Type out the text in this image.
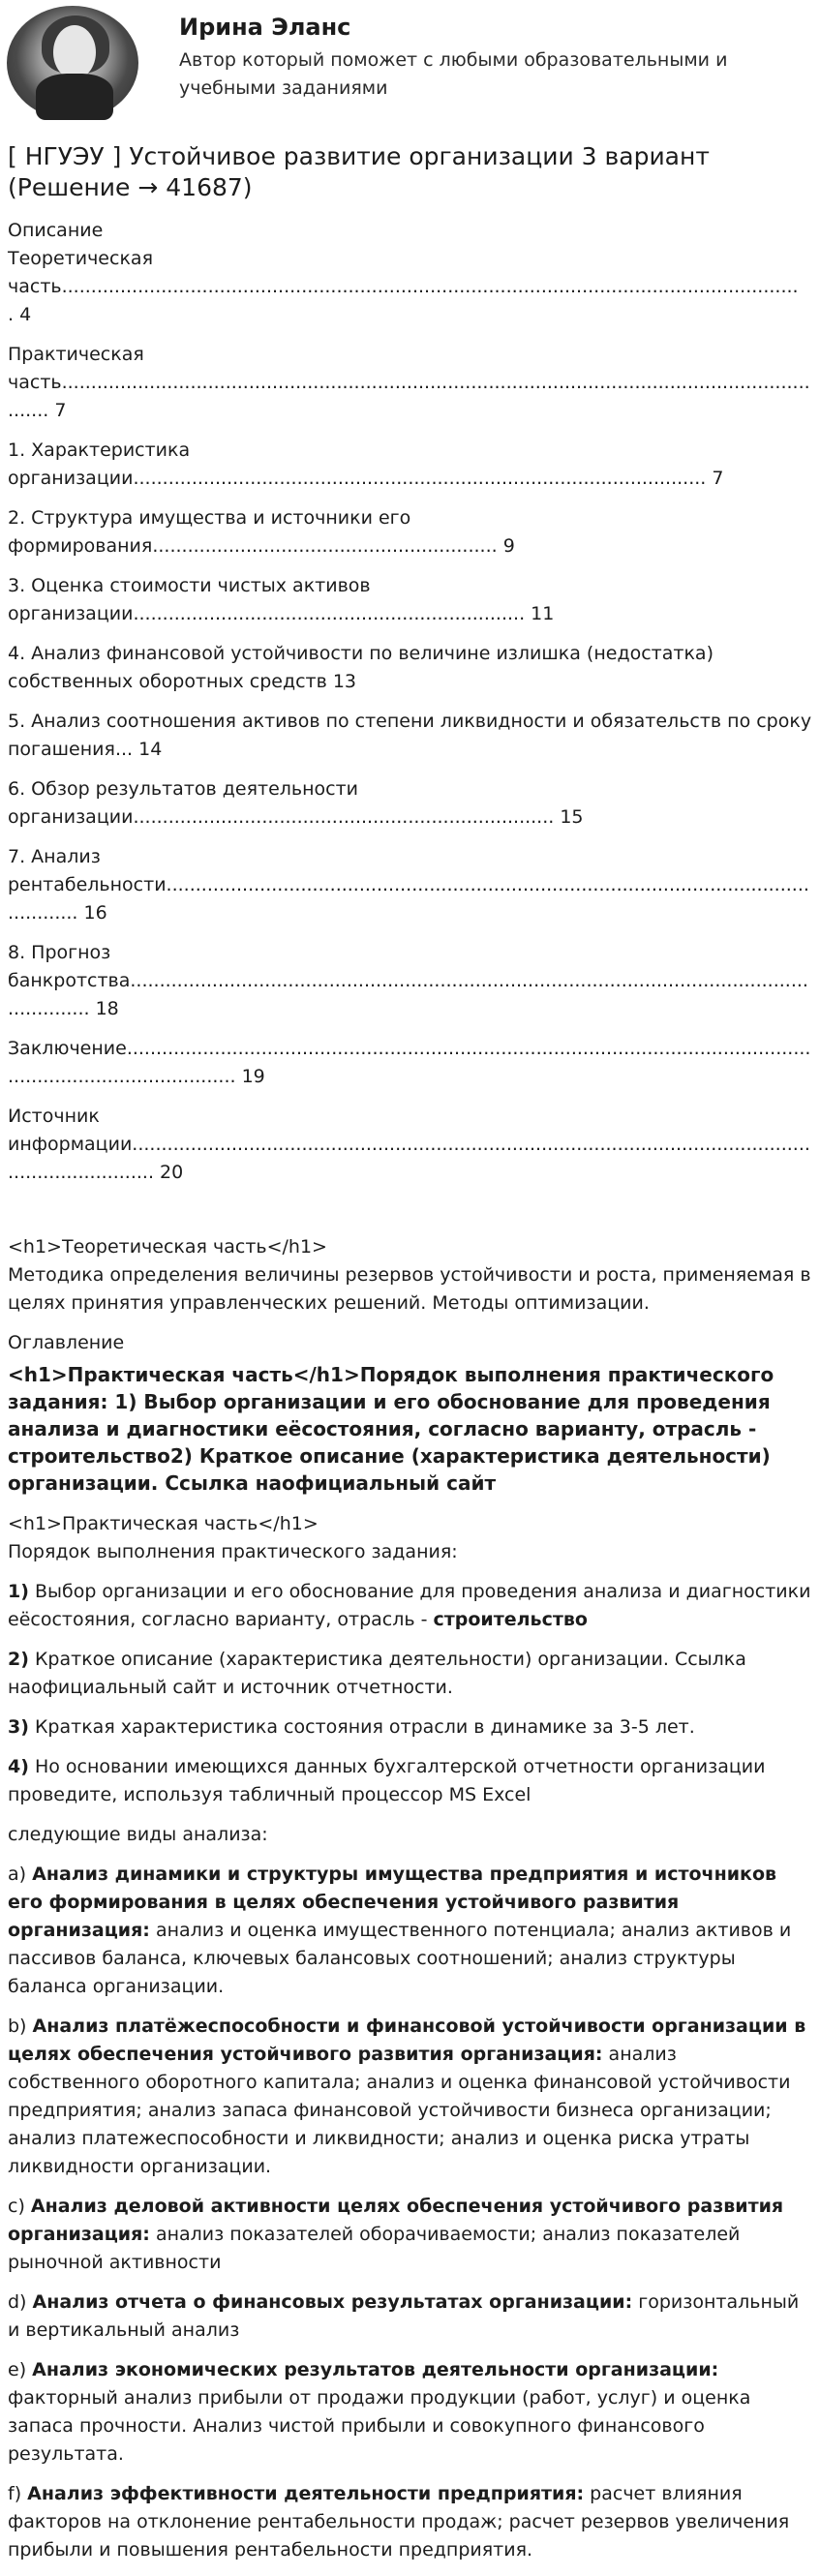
Ирина Эланс
Автор который поможет с любыми образовательными и учебными заданиями
[ НГУЭУ ] Устойчивое развитие организации 3 вариант (Решение → 41687)
Описание
Теоретическая часть............................................................................................................................... 4
Практическая часть....................................................................................................................................... 7
1. Характеристика организации.................................................................................................. 7
2. Структура имущества и источники его формирования........................................................... 9
3. Оценка стоимости чистых активов организации................................................................... 11
4. Анализ финансовой устойчивости по величине излишка (недостатка) собственных оборотных средств 13
5. Анализ соотношения активов по степени ликвидности и обязательств по сроку погашения... 14
6. Обзор результатов деятельности организации........................................................................ 15
7. Анализ рентабельности.......................................................................................................................... 16
8. Прогноз банкротства.................................................................................................................................. 18
Заключение............................................................................................................................................................ 19
Источник информации............................................................................................................................................. 20
<h1>Теоретическая часть</h1>

Методика определения величины резервов устойчивости и роста, применяемая в целях принятия управленческих решений. Методы оптимизации.

Оглавление
<h1>Практическая часть</h1>Порядок выполнения практического задания: 1) Выбор организации и его обоснование для проведения анализа и диагностики еёсостояния, согласно варианту, отрасль - строительство2) Краткое описание (характеристика деятельности) организации. Ссылка наофициальный сайт
<h1>Практическая часть</h1>

Порядок выполнения практического задания:

1) Выбор организации и его обоснование для проведения анализа и диагностики еёсостояния, согласно варианту, отрасль - строительство

2) Краткое описание (характеристика деятельности) организации. Ссылка наофициальный сайт и источник отчетности.

3) Краткая характеристика состояния отрасли в динамике за 3-5 лет.

4) Но основании имеющихся данных бухгалтерской отчетности организации проведите, используя табличный процессор MS Excel

следующие виды анализа:

a) Анализ динамики и структуры имущества предприятия и источников его формирования в целях обеспечения устойчивого развития организация: анализ и оценка имущественного потенциала; анализ активов и пассивов баланса, ключевых балансовых соотношений; анализ структуры баланса организации.

b) Анализ платёжеспособности и финансовой устойчивости организации в целях обеспечения устойчивого развития организация: анализ собственного оборотного капитала; анализ и оценка финансовой устойчивости предприятия; анализ запаса финансовой устойчивости бизнеса организации; анализ платежеспособности и ликвидности; анализ и оценка риска утраты ликвидности организации.

c) Анализ деловой активности целях обеспечения устойчивого развития организация: анализ показателей оборачиваемости; анализ показателей рыночной активности

d) Анализ отчета о финансовых результатах организации: горизонтальный и вертикальный анализ

e) Анализ экономических результатов деятельности организации: факторный анализ прибыли от продажи продукции (работ, услуг) и оценка запаса прочности. Анализ чистой прибыли и совокупного финансового результата.

f) Анализ эффективности деятельности предприятия: расчет влияния факторов на отклонение рентабельности продаж; расчет резервов увеличения прибыли и повышения рентабельности предприятия.
